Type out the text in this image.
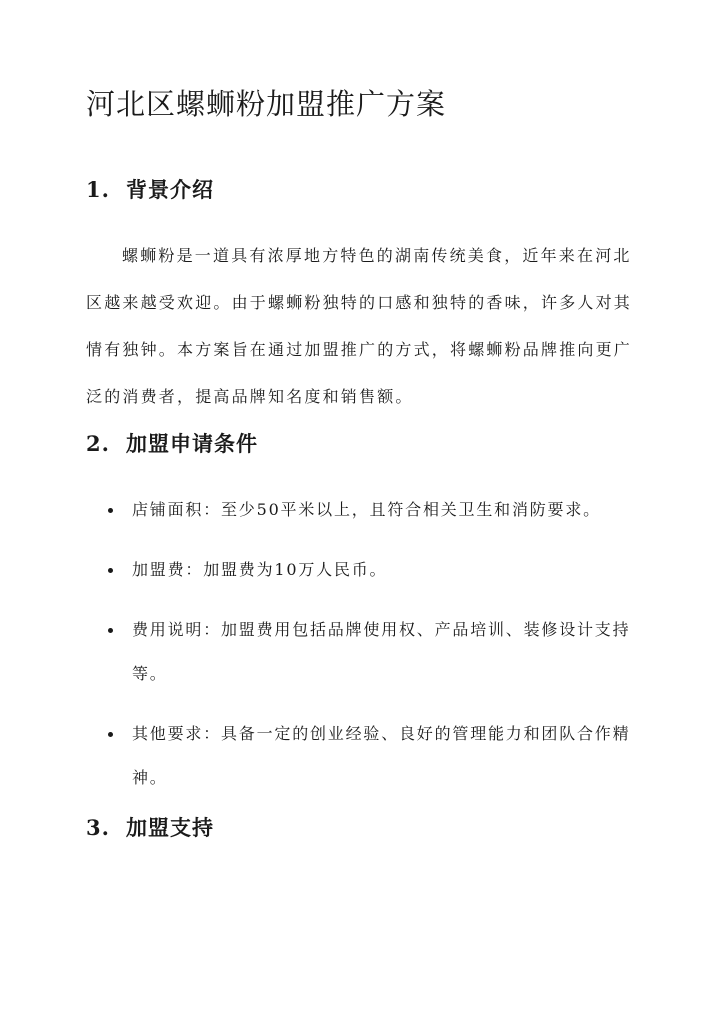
河北区螺蛳粉加盟推广方案
1. 背景介绍

螺蛳粉是一道具有浓厚地方特色的湖南传统美食，近年来在河北区越来越受欢迎。由于螺蛳粉独特的口感和独特的香味，许多人对其情有独钟。本方案旨在通过加盟推广的方式，将螺蛳粉品牌推向更广泛的消费者，提高品牌知名度和销售额。

2. 加盟申请条件
店铺面积：至少50平米以上，且符合相关卫生和消防要求。
加盟费：加盟费为10万人民币。
费用说明：加盟费用包括品牌使用权、产品培训、装修设计支持等。
其他要求：具备一定的创业经验、良好的管理能力和团队合作精神。
3. 加盟支持
